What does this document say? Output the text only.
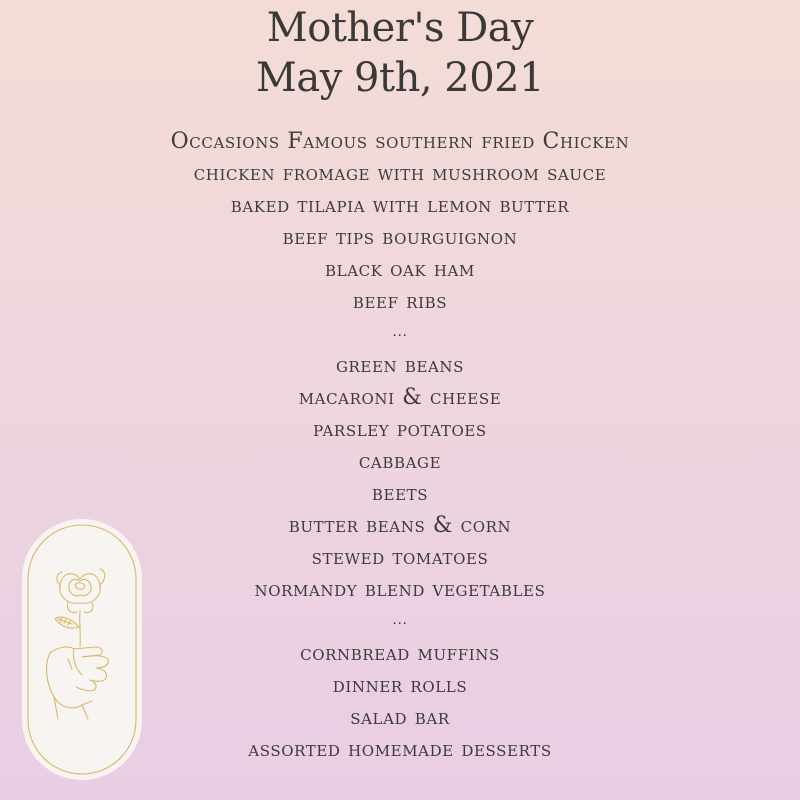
Mother's Day
May 9th, 2021
Occasions Famous southern fried Chicken
chicken fromage with mushroom sauce
baked tilapia with lemon butter
beef tips bourguignon
black oak ham
beef ribs
...
green beans
macaroni & cheese
parsley potatoes
cabbage
beets
butter beans & corn
stewed tomatoes
normandy blend vegetables
...
cornbread muffins
dinner rolls
salad bar
assorted homemade desserts
